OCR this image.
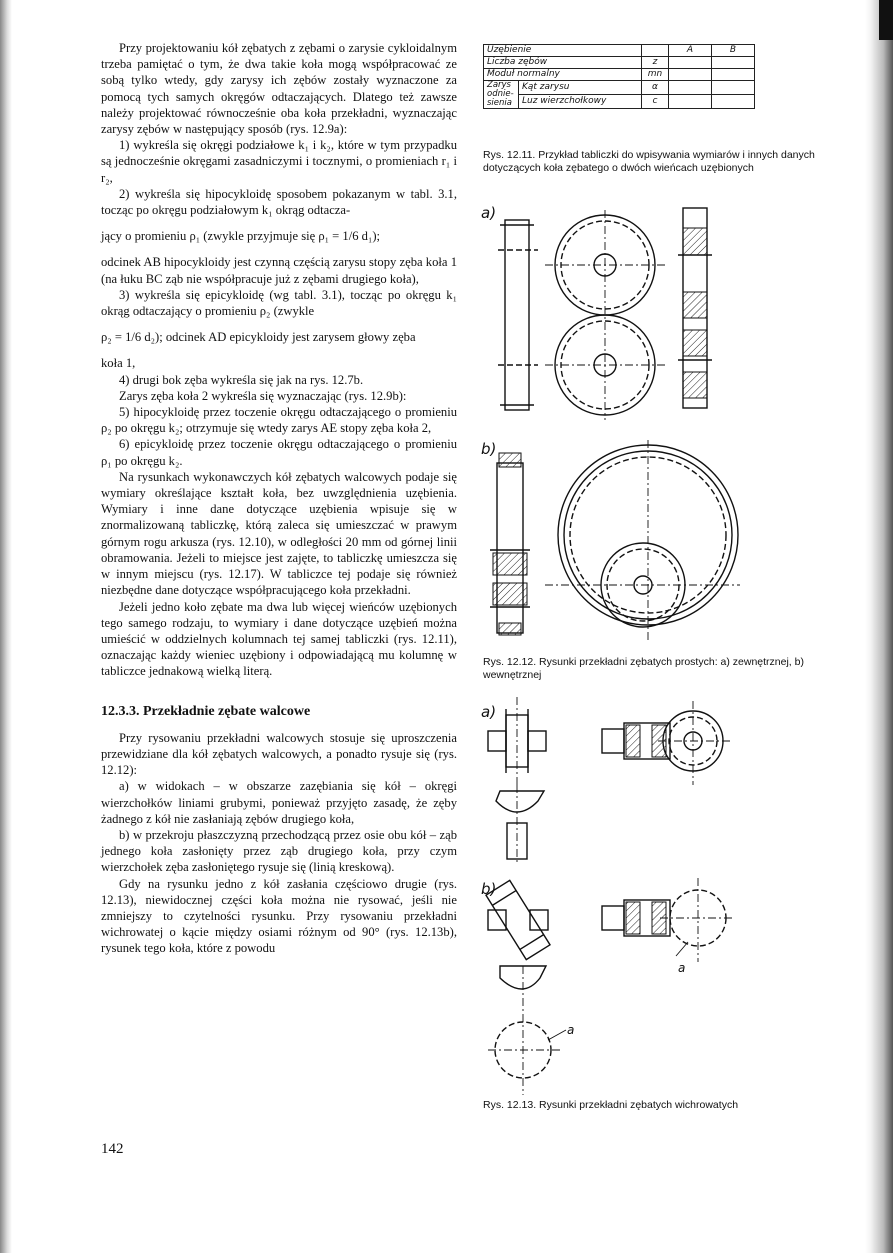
Przy projektowaniu kół zębatych z zębami o zarysie cykloidalnym trzeba pamiętać o tym, że dwa takie koła mogą współpracować ze sobą tylko wtedy, gdy zarysy ich zębów zostały wyznaczone za pomocą tych samych okręgów odtaczających. Dlatego też zawsze należy projektować równocześnie oba koła przekładni, wyznaczając zarysy zębów w następujący sposób (rys. 12.9a):

1) wykreśla się okręgi podziałowe k₁ i k₂, które w tym przypadku są jednocześnie okręgami zasadniczymi i tocznymi, o promieniach r₁ i r₂,

2) wykreśla się hipocykloidę sposobem pokazanym w tabl. 3.1, tocząc po okręgu podziałowym k₁ okrąg odtacza-

jący o promieniu ρ₁ (zwykle przyjmuje się ρ₁ = 1/6 d₁);

odcinek AB hipocykloidy jest czynną częścią zarysu stopy zęba koła 1 (na łuku BC ząb nie współpracuje już z zębami drugiego koła),

3) wykreśla się epicykloidę (wg tabl. 3.1), tocząc po okręgu k₁ okrąg odtaczający o promieniu ρ₂ (zwykle

ρ₂ = 1/6 d₂); odcinek AD epicykloidy jest zarysem głowy zęba

koła 1,

4) drugi bok zęba wykreśla się jak na rys. 12.7b.

Zarys zęba koła 2 wykreśla się wyznaczając (rys. 12.9b):

5) hipocykloidę przez toczenie okręgu odtaczającego o promieniu ρ₂ po okręgu k₂; otrzymuje się wtedy zarys AE stopy zęba koła 2,

6) epicykloidę przez toczenie okręgu odtaczającego o promieniu ρ₁ po okręgu k₂.

Na rysunkach wykonawczych kół zębatych walcowych podaje się wymiary określające kształt koła, bez uwzględnienia uzębienia. Wymiary i inne dane dotyczące uzębienia wpisuje się w znormalizowaną tabliczkę, którą zaleca się umieszczać w prawym górnym rogu arkusza (rys. 12.10), w odległości 20 mm od górnej linii obramowania. Jeżeli to miejsce jest zajęte, to tabliczkę umieszcza się w innym miejscu (rys. 12.17). W tabliczce tej podaje się również niezbędne dane dotyczące współpracującego koła przekładni.

Jeżeli jedno koło zębate ma dwa lub więcej wieńców uzębionych tego samego rodzaju, to wymiary i dane dotyczące uzębień można umieścić w oddzielnych kolumnach tej samej tabliczki (rys. 12.11), oznaczając każdy wieniec uzębiony i odpowiadającą mu kolumnę w tabliczce jednakową wielką literą.

12.3.3. Przekładnie zębate walcowe

Przy rysowaniu przekładni walcowych stosuje się uproszczenia przewidziane dla kół zębatych walcowych, a ponadto rysuje się (rys. 12.12):

a) w widokach – w obszarze zazębiania się kół – okręgi wierzchołków liniami grubymi, ponieważ przyjęto zasadę, że zęby żadnego z kół nie zasłaniają zębów drugiego koła,

b) w przekroju płaszczyzną przechodzącą przez osie obu kół – ząb jednego koła zasłonięty przez ząb drugiego koła, przy czym wierzchołek zęba zasłoniętego rysuje się (linią kreskową).

Gdy na rysunku jedno z kół zasłania częściowo drugie (rys. 12.13), niewidocznej części koła można nie rysować, jeśli nie zmniejszy to czytelności rysunku. Przy rysowaniu przekładni wichrowatej o kącie między osiami różnym od 90° (rys. 12.13b), rysunek tego koła, które z powodu

142
Uzębienie			A	B
Liczba zębów		z		
Moduł normalny		mn		
Zarys odnie- sienia	Kąt zarysu	α		
	Luz wierzchołkowy	c		
Rys. 12.11. Przykład tabliczki do wpisywania wymiarów i innych danych dotyczących koła zębatego o dwóch wieńcach uzębionych
a)
b)
Rys. 12.12. Rysunki przekładni zębatych prostych: a) zewnętrznej, b) wewnętrznej
a)
b)
a
a
Rys. 12.13. Rysunki przekładni zębatych wichrowatych
